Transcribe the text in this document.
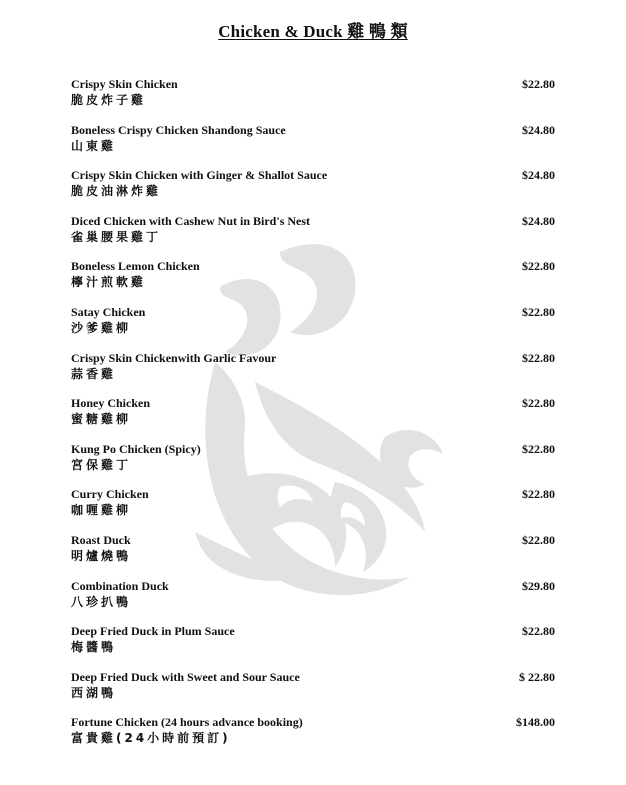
Chicken & Duck 雞 鴨 類
Crispy Skin Chicken
脆皮炸子雞
$22.80
Boneless Crispy Chicken Shandong Sauce
山東雞
$24.80
Crispy Skin Chicken with Ginger & Shallot Sauce
脆皮油淋炸雞
$24.80
Diced Chicken with Cashew Nut in Bird's Nest
雀巢腰果雞丁
$24.80
Boneless Lemon Chicken
檸汁煎軟雞
$22.80
Satay Chicken
沙爹雞柳
$22.80
Crispy Skin Chickenwith Garlic Favour
蒜香雞
$22.80
Honey Chicken
蜜糖雞柳
$22.80
Kung Po Chicken (Spicy)
宮保雞丁
$22.80
Curry Chicken
咖喱雞柳
$22.80
Roast Duck
明爐燒鴨
$22.80
Combination Duck
八珍扒鴨
$29.80
Deep Fried Duck in Plum Sauce
梅醬鴨
$22.80
Deep Fried Duck with Sweet and Sour Sauce
西湖鴨
$ 22.80
Fortune Chicken (24 hours advance booking)
富貴雞(24小時前預訂)
$148.00
